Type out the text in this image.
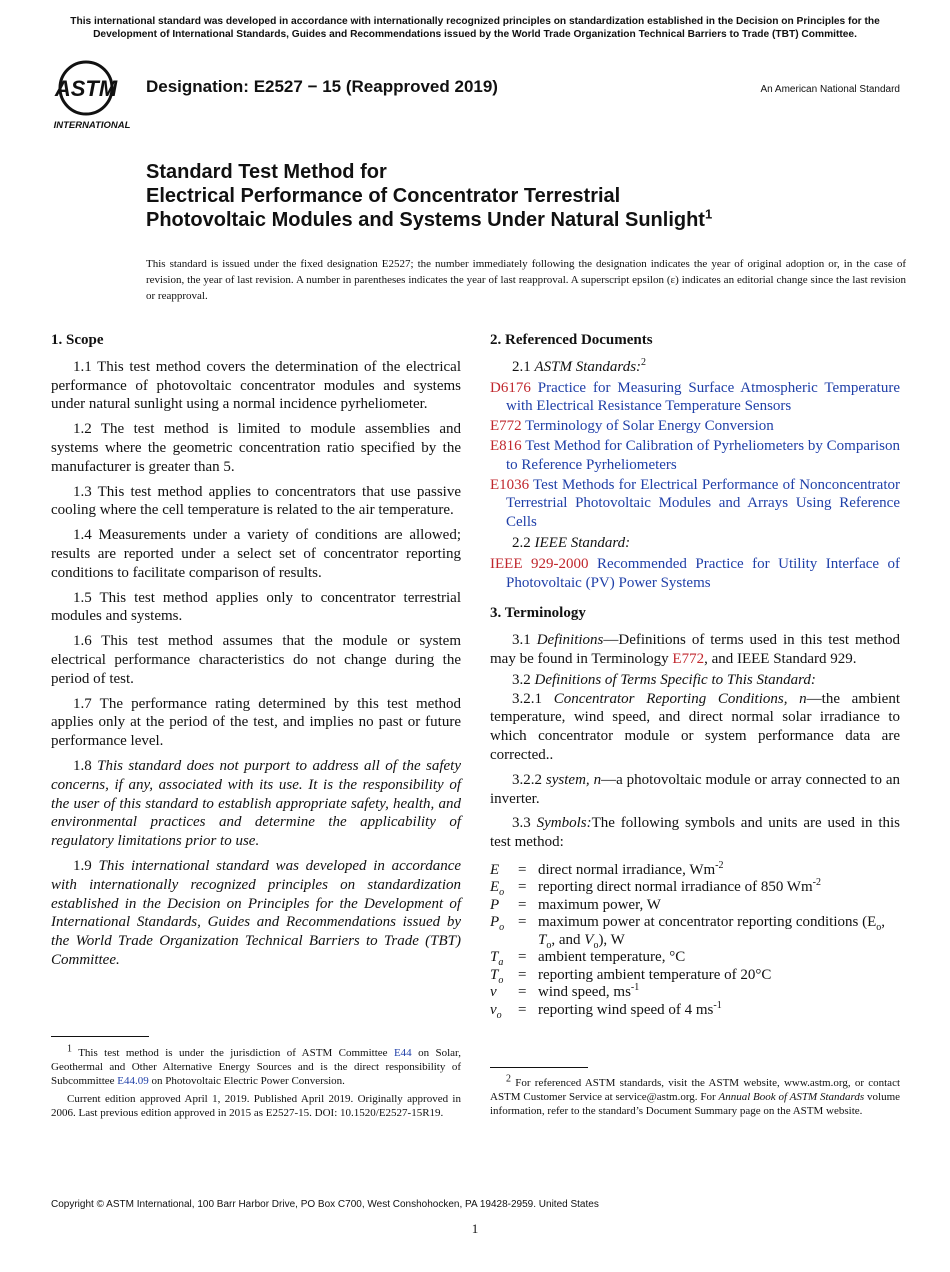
This international standard was developed in accordance with internationally recognized principles on standardization established in the Decision on Principles for the Development of International Standards, Guides and Recommendations issued by the World Trade Organization Technical Barriers to Trade (TBT) Committee.
ASTM
INTERNATIONAL
Designation: E2527 − 15 (Reapproved 2019)	An American National Standard
Standard Test Method for
Electrical Performance of Concentrator Terrestrial
Photovoltaic Modules and Systems Under Natural Sunlight$^1$
This standard is issued under the fixed designation E2527; the number immediately following the designation indicates the year of original adoption or, in the case of revision, the year of last revision. A number in parentheses indicates the year of last reapproval. A superscript epsilon (ε) indicates an editorial change since the last revision or reapproval.

1. Scope

1.1 This test method covers the determination of the electrical performance of photovoltaic concentrator modules and systems under natural sunlight using a normal incidence pyrheliometer.

1.2 The test method is limited to module assemblies and systems where the geometric concentration ratio specified by the manufacturer is greater than 5.

1.3 This test method applies to concentrators that use passive cooling where the cell temperature is related to the air temperature.

1.4 Measurements under a variety of conditions are allowed; results are reported under a select set of concentrator reporting conditions to facilitate comparison of results.

1.5 This test method applies only to concentrator terrestrial modules and systems.

1.6 This test method assumes that the module or system electrical performance characteristics do not change during the period of test.

1.7 The performance rating determined by this test method applies only at the period of the test, and implies no past or future performance level.

1.8 This standard does not purport to address all of the safety concerns, if any, associated with its use. It is the responsibility of the user of this standard to establish appropriate safety, health, and environmental practices and determine the applicability of regulatory limitations prior to use.

1.9 This international standard was developed in accordance with internationally recognized principles on standardization established in the Decision on Principles for the Development of International Standards, Guides and Recommendations issued by the World Trade Organization Technical Barriers to Trade (TBT) Committee.

2. Referenced Documents

2.1 ASTM Standards:$^2$

D6176 Practice for Measuring Surface Atmospheric Temperature with Electrical Resistance Temperature Sensors

E772 Terminology of Solar Energy Conversion

E816 Test Method for Calibration of Pyrheliometers by Comparison to Reference Pyrheliometers

E1036 Test Methods for Electrical Performance of Nonconcentrator Terrestrial Photovoltaic Modules and Arrays Using Reference Cells

2.2 IEEE Standard:

IEEE 929-2000 Recommended Practice for Utility Interface of Photovoltaic (PV) Power Systems

3. Terminology

3.1 Definitions—Definitions of terms used in this test method may be found in Terminology E772, and IEEE Standard 929.

3.2 Definitions of Terms Specific to This Standard:

3.2.1 Concentrator Reporting Conditions, n—the ambient temperature, wind speed, and direct normal solar irradiance to which concentrator module or system performance data are corrected..

3.2.2 system, n—a photovoltaic module or array connected to an inverter.

3.3 Symbols:The following symbols and units are used in this test method:

E	=	direct normal irradiance, $Wm^{-2}$
$E_o$	=	reporting direct normal irradiance of 850 $Wm^{-2}$
P	=	maximum power, W
$P_o$	=	maximum power at concentrator reporting conditions ($E_o$, $T_o$, and $V_o$), W
$T_a$	=	ambient temperature, °C
$T_o$	=	reporting ambient temperature of 20°C
v	=	wind speed, $ms^{-1}$
$v_o$	=	reporting wind speed of 4 $ms^{-1}$

$^1$ This test method is under the jurisdiction of ASTM Committee E44 on Solar, Geothermal and Other Alternative Energy Sources and is the direct responsibility of Subcommittee E44.09 on Photovoltaic Electric Power Conversion.

Current edition approved April 1, 2019. Published April 2019. Originally approved in 2006. Last previous edition approved in 2015 as E2527-15. DOI: 10.1520/E2527-15R19.

$^2$ For referenced ASTM standards, visit the ASTM website, www.astm.org, or contact ASTM Customer Service at service@astm.org. For Annual Book of ASTM Standards volume information, refer to the standard’s Document Summary page on the ASTM website.

Copyright © ASTM International, 100 Barr Harbor Drive, PO Box C700, West Conshohocken, PA 19428-2959. United States
1
